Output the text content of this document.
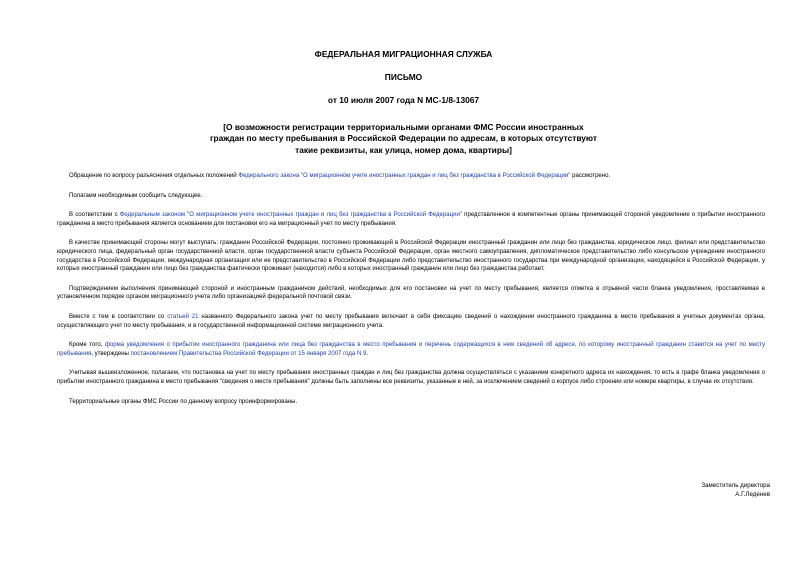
ФЕДЕРАЛЬНАЯ МИГРАЦИОННАЯ СЛУЖБА
ПИСЬМО
от 10 июля 2007 года N МС-1/8-13067
[О возможности регистрации территориальными органами ФМС России иностранных
граждан по месту пребывания в Российской Федерации по адресам, в которых отсутствуют
такие реквизиты, как улица, номер дома, квартиры]

Обращение по вопросу разъяснения отдельных положений Федерального закона "О миграционном учете иностранных граждан и лиц без гражданства в Российской Федерации" рассмотрено.

Полагаем необходимым сообщить следующее.

В соответствии с Федеральным законом "О миграционном учете иностранных граждан и лиц без гражданства в Российской Федерации" представленное в компетентные органы принимающей стороной уведомление о прибытии иностранного гражданина в место пребывания является основанием для постановки его на миграционный учет по месту пребывания.

В качестве принимающей стороны могут выступать: гражданин Российской Федерации, постоянно проживающий в Российской Федерации иностранный гражданин или лицо без гражданства, юридическое лицо, филиал или представительство юридического лица, федеральный орган государственной власти, орган государственной власти субъекта Российской Федерации, орган местного самоуправления, дипломатическое представительство либо консульское учреждение иностранного государства в Российской Федерации, международная организация или ее представительство в Российской Федерации либо представительство иностранного государства при международной организации, находящейся в Российской Федерации, у которых иностранный гражданин или лицо без гражданства фактически проживает (находится) либо в которых иностранный гражданин или лицо без гражданства работает.

Подтверждением выполнения принимающей стороной и иностранным гражданином действий, необходимых для его постановки на учет по месту пребывания, является отметка в отрывной части бланка уведомления, проставляемая в установленном порядке органом миграционного учета либо организацией федеральной почтовой связи.

Вместе с тем в соответствии со статьей 21 названного Федерального закона учет по месту пребывания включает в себя фиксацию сведений о нахождении иностранного гражданина в месте пребывания в учетных документах органа, осуществляющего учет по месту пребывания, и в государственной информационной системе миграционного учета.

Кроме того, форма уведомления о прибытии иностранного гражданина или лица без гражданства в место пребывания и перечень содержащихся в нем сведений об адресе, по которому иностранный гражданин ставится на учет по месту пребывания, утверждены постановлением Правительства Российской Федерации от 15 января 2007 года N 9.

Учитывая вышеизложенное, полагаем, что постановка на учет по месту пребывания иностранных граждан и лиц без гражданства должна осуществляться с указанием конкретного адреса их нахождения, то есть в графе бланка уведомления о прибытии иностранного гражданина в место пребывания "сведения о месте пребывания" должны быть заполнены все реквизиты, указанные в ней, за исключением сведений о корпусе либо строении или номере квартиры, в случае их отсутствия.

Территориальные органы ФМС России по данному вопросу проинформированы.

Заместитель директора
А.Г.Леденев
